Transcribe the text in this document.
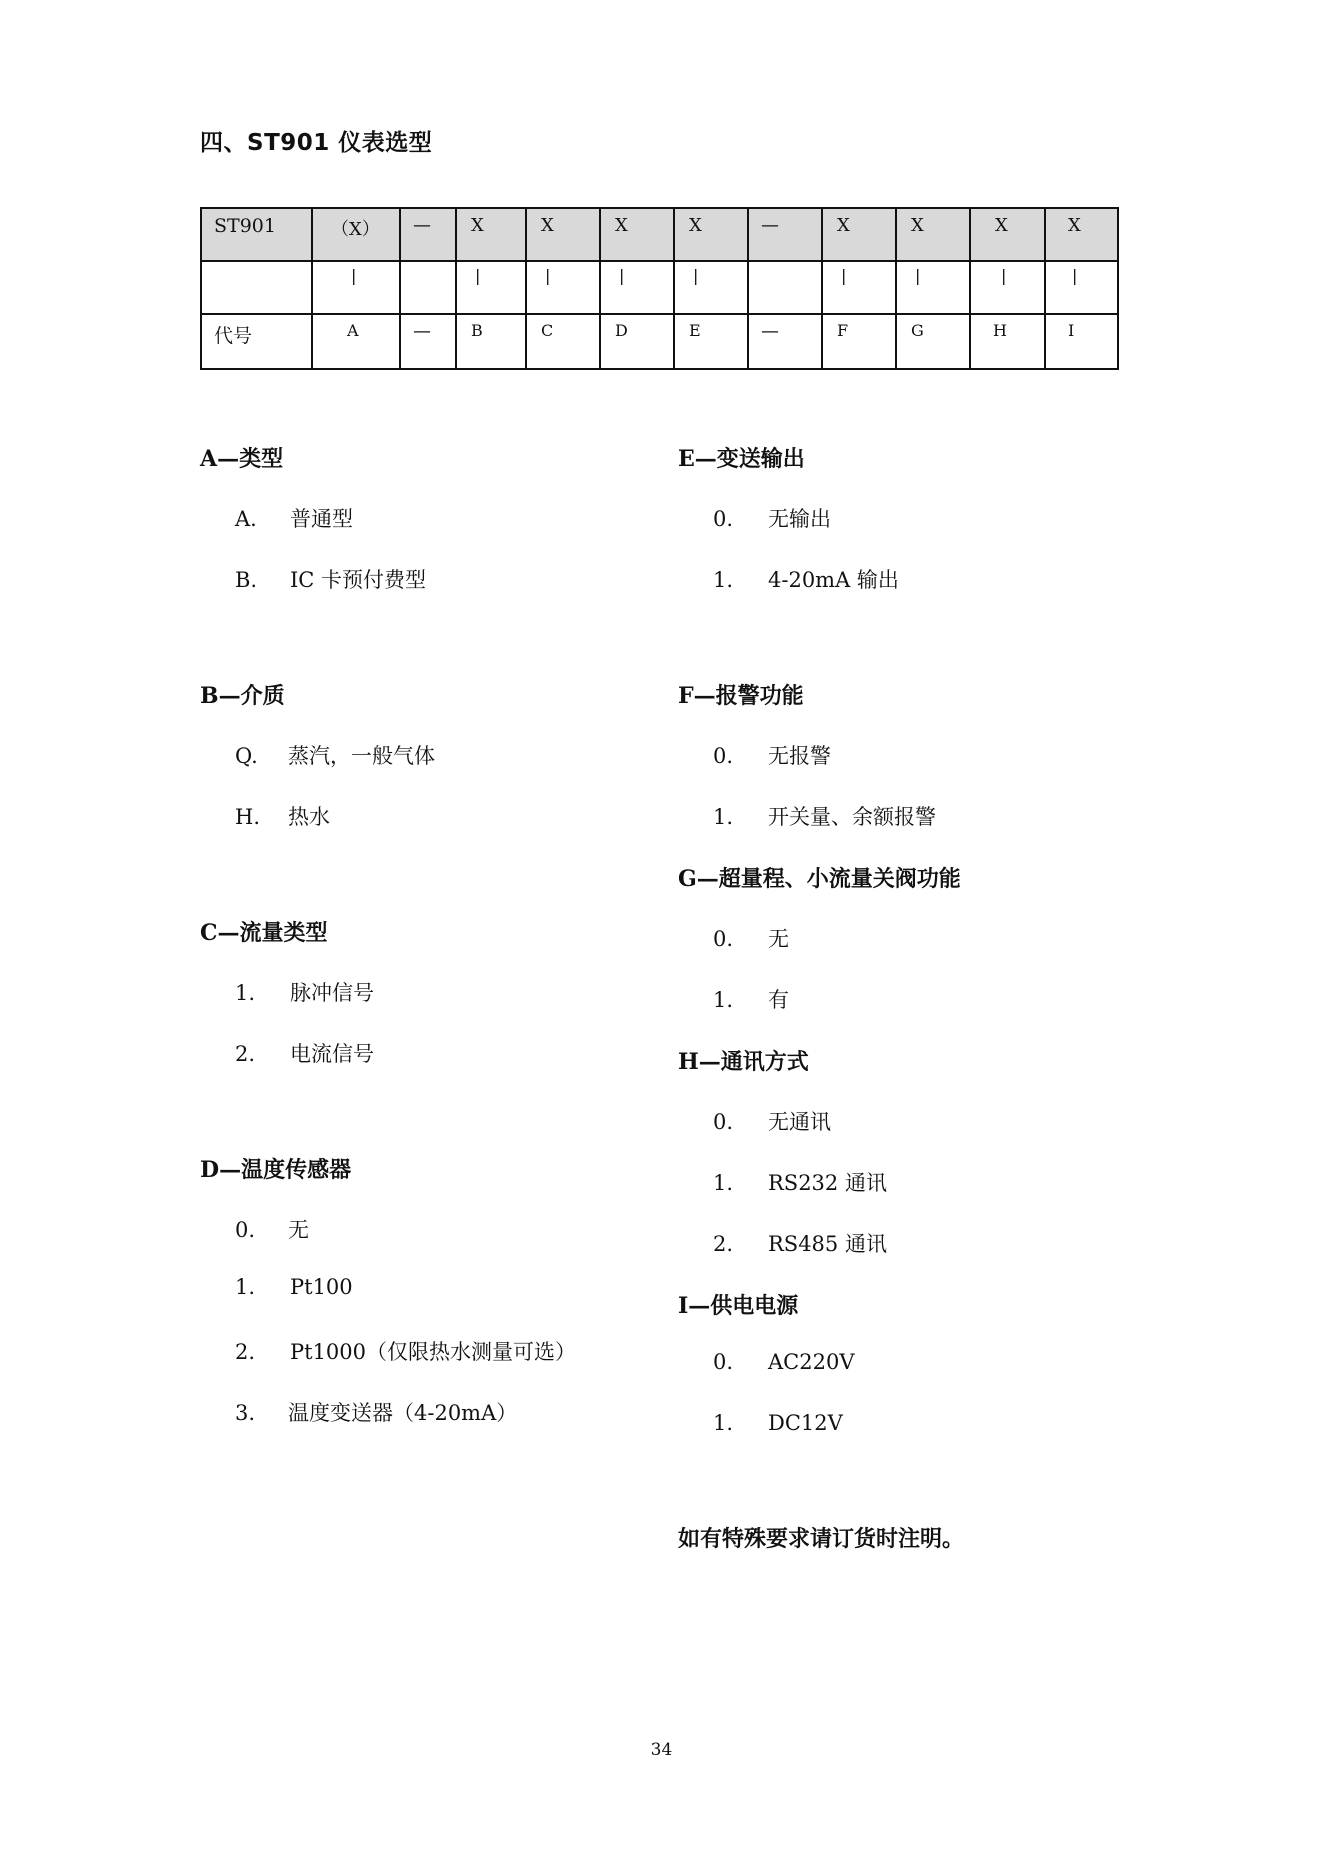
四、ST901 仪表选型
ST901	（X）	—	X	X	X	X	—	X	X	X	X
	|		|	|	|	|		|	|	|	|
代号	A	—	B	C	D	E	—	F	G	H	I
A—类型
A. 普通型
B. IC 卡预付费型
B—介质
Q. 蒸汽，一般气体
H. 热水
C—流量类型
1. 脉冲信号
2. 电流信号
D—温度传感器
0. 无
1. Pt100
2. Pt1000（仅限热水测量可选）
3. 温度变送器（4-20mA）
E—变送输出
0. 无输出
1. 4-20mA 输出
F—报警功能
0. 无报警
1. 开关量、余额报警
G—超量程、小流量关阀功能
0. 无
1. 有
H—通讯方式
0. 无通讯
1. RS232 通讯
2. RS485 通讯
I—供电电源
0. AC220V
1. DC12V
如有特殊要求请订货时注明。
34
